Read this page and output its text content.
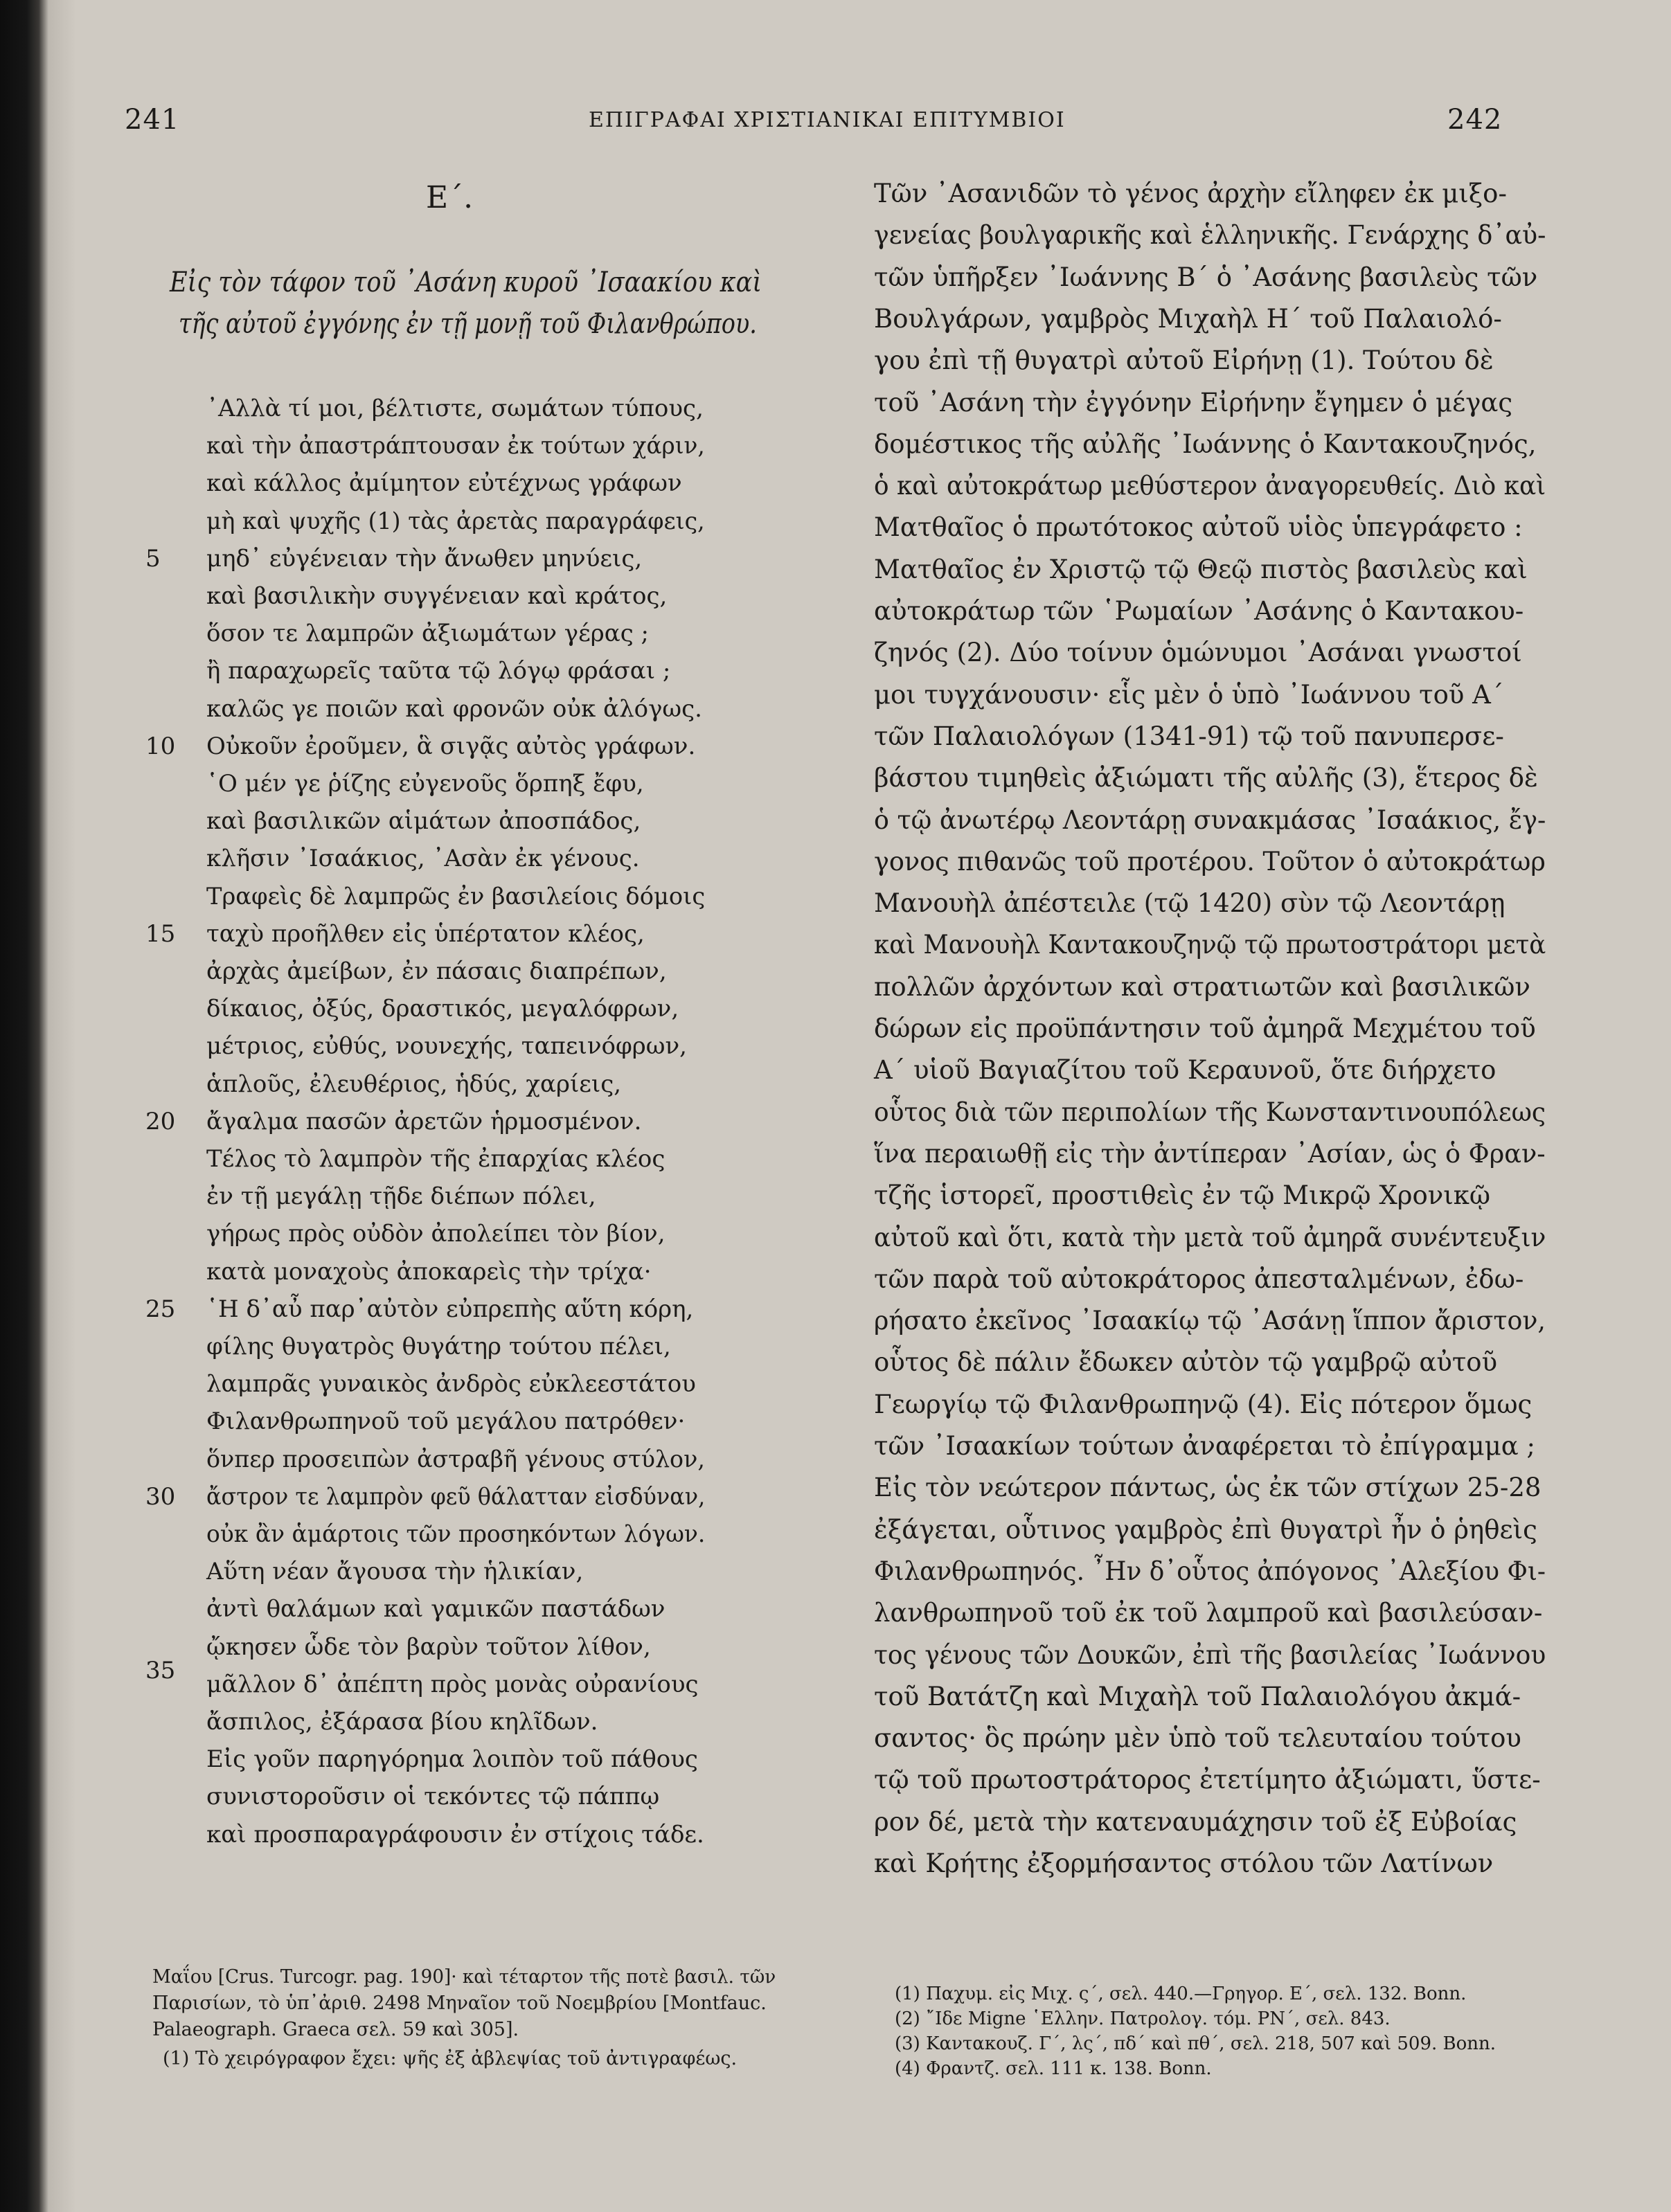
241	ΕΠΙΓΡΑΦΑΙ ΧΡΙΣΤΙΑΝΙΚΑΙ ΕΠΙΤΥΜΒΙΟΙ	242
Ε΄.
Εἰς τὸν τάφον τοῦ ᾿Ασάνη κυροῦ ᾿Ισαακίου καὶ
τῆς αὐτοῦ ἐγγόνης ἐν τῇ μονῇ τοῦ Φιλανθρώπου.
᾿Αλλὰ τί μοι, βέλτιστε, σωμάτων τύπους,
καὶ τὴν ἀπαστράπτουσαν ἐκ τούτων χάριν,
καὶ κάλλος ἀμίμητον εὐτέχνως γράφων
μὴ καὶ ψυχῆς (1) τὰς ἀρετὰς παραγράφεις,
μηδ᾿ εὐγένειαν τὴν ἄνωθεν μηνύεις,
καὶ βασιλικὴν συγγένειαν καὶ κράτος,
ὅσον τε λαμπρῶν ἀξιωμάτων γέρας ;
ἢ παραχωρεῖς ταῦτα τῷ λόγῳ φράσαι ;
καλῶς γε ποιῶν καὶ φρονῶν οὐκ ἀλόγως.
Οὐκοῦν ἐροῦμεν, ἃ σιγᾷς αὐτὸς γράφων.
῾Ο μέν γε ῥίζης εὐγενοῦς ὅρπηξ ἔφυ,
καὶ βασιλικῶν αἱμάτων ἀποσπάδος,
κλῆσιν ᾿Ισαάκιος, ᾿Ασὰν ἐκ γένους.
Τραφεὶς δὲ λαμπρῶς ἐν βασιλείοις δόμοις
ταχὺ προῆλθεν εἰς ὑπέρτατον κλέος,
ἀρχὰς ἀμείβων, ἐν πάσαις διαπρέπων,
δίκαιος, ὀξύς, δραστικός, μεγαλόφρων,
μέτριος, εὐθύς, νουνεχής, ταπεινόφρων,
ἁπλοῦς, ἐλευθέριος, ἡδύς, χαρίεις,
ἄγαλμα πασῶν ἀρετῶν ἡρμοσμένον.
Τέλος τὸ λαμπρὸν τῆς ἐπαρχίας κλέος
ἐν τῇ μεγάλῃ τῇδε διέπων πόλει,
γήρως πρὸς οὐδὸν ἀπολείπει τὸν βίον,
κατὰ μοναχοὺς ἀποκαρεὶς τὴν τρίχα·
῾Η δ᾿αὖ παρ᾿αὐτὸν εὐπρεπὴς αὕτη κόρη,
φίλης θυγατρὸς θυγάτηρ τούτου πέλει,
λαμπρᾶς γυναικὸς ἀνδρὸς εὐκλεεστάτου
Φιλανθρωπηνοῦ τοῦ μεγάλου πατρόθεν·
ὅνπερ προσειπὼν ἀστραβῆ γένους στύλον,
ἄστρον τε λαμπρὸν φεῦ θάλατταν εἰσδύναν,
οὐκ ἂν ἁμάρτοις τῶν προσηκόντων λόγων.
Αὕτη νέαν ἄγουσα τὴν ἡλικίαν,
ἀντὶ θαλάμων καὶ γαμικῶν παστάδων
ᾤκησεν ὧδε τὸν βαρὺν τοῦτον λίθον,
μᾶλλον δ᾿ ἀπέπτη πρὸς μονὰς οὐρανίους
ἄσπιλος, ἐξάρασα βίου κηλῖδων.
Εἰς γοῦν παρηγόρημα λοιπὸν τοῦ πάθους
συνιστοροῦσιν οἱ τεκόντες τῷ πάππῳ
καὶ προσπαραγράφουσιν ἐν στίχοις τάδε.
5
10
15
20
25
30
35
Μαΐου [Crus. Turcogr. pag. 190]· καὶ τέταρτον τῆς ποτὲ βασιλ. τῶν
Παρισίων, τὸ ὑπ᾿ἀριθ. 2498 Μηναῖον τοῦ Νοεμβρίου [Montfauc.
Palaeograph. Graeca σελ. 59 καὶ 305].
(1) Τὸ χειρόγραφον ἔχει: ψῆς ἐξ ἀβλεψίας τοῦ ἀντιγραφέως.
Τῶν ᾿Ασανιδῶν τὸ γένος ἀρχὴν εἴληφεν ἐκ μιξο-
γενείας βουλγαρικῆς καὶ ἑλληνικῆς. Γενάρχης δ᾿αὐ-
τῶν ὑπῆρξεν ᾿Ιωάννης Β΄ ὁ ᾿Ασάνης βασιλεὺς τῶν
Βουλγάρων, γαμβρὸς Μιχαὴλ Η΄ τοῦ Παλαιολό-
γου ἐπὶ τῇ θυγατρὶ αὐτοῦ Εἰρήνῃ (1). Τούτου δὲ
τοῦ ᾿Ασάνη τὴν ἐγγόνην Εἰρήνην ἔγημεν ὁ μέγας
δομέστικος τῆς αὐλῆς ᾿Ιωάννης ὁ Καντακουζηνός,
ὁ καὶ αὐτοκράτωρ μεθύστερον ἀναγορευθείς. Διὸ καὶ
Ματθαῖος ὁ πρωτότοκος αὐτοῦ υἱὸς ὑπεγράφετο :
Ματθαῖος ἐν Χριστῷ τῷ Θεῷ πιστὸς βασιλεὺς καὶ
αὐτοκράτωρ τῶν ῾Ρωμαίων ᾿Ασάνης ὁ Καντακου-
ζηνός (2). Δύο τοίνυν ὁμώνυμοι ᾿Ασάναι γνωστοί
μοι τυγχάνουσιν· εἷς μὲν ὁ ὑπὸ ᾿Ιωάννου τοῦ Α΄
τῶν Παλαιολόγων (1341-91) τῷ τοῦ πανυπερσε-
βάστου τιμηθεὶς ἀξιώματι τῆς αὐλῆς (3), ἕτερος δὲ
ὁ τῷ ἀνωτέρῳ Λεοντάρῃ συνακμάσας ᾿Ισαάκιος, ἔγ-
γονος πιθανῶς τοῦ προτέρου. Τοῦτον ὁ αὐτοκράτωρ
Μανουὴλ ἀπέστειλε (τῷ 1420) σὺν τῷ Λεοντάρῃ
καὶ Μανουὴλ Καντακουζηνῷ τῷ πρωτοστράτορι μετὰ
πολλῶν ἀρχόντων καὶ στρατιωτῶν καὶ βασιλικῶν
δώρων εἰς προϋπάντησιν τοῦ ἀμηρᾶ Μεχμέτου τοῦ
Α΄ υἱοῦ Βαγιαζίτου τοῦ Κεραυνοῦ, ὅτε διήρχετο
οὗτος διὰ τῶν περιπολίων τῆς Κωνσταντινουπόλεως
ἵνα περαιωθῇ εἰς τὴν ἀντίπεραν ᾿Ασίαν, ὡς ὁ Φραν-
τζῆς ἱστορεῖ, προστιθεὶς ἐν τῷ Μικρῷ Χρονικῷ
αὐτοῦ καὶ ὅτι, κατὰ τὴν μετὰ τοῦ ἀμηρᾶ συνέντευξιν
τῶν παρὰ τοῦ αὐτοκράτορος ἀπεσταλμένων, ἐδω-
ρήσατο ἐκεῖνος ᾿Ισαακίῳ τῷ ᾿Ασάνῃ ἵππον ἄριστον,
οὗτος δὲ πάλιν ἔδωκεν αὐτὸν τῷ γαμβρῷ αὐτοῦ
Γεωργίῳ τῷ Φιλανθρωπηνῷ (4). Εἰς πότερον ὅμως
τῶν ᾿Ισαακίων τούτων ἀναφέρεται τὸ ἐπίγραμμα ;
Εἰς τὸν νεώτερον πάντως, ὡς ἐκ τῶν στίχων 25-28
ἐξάγεται, οὗτινος γαμβρὸς ἐπὶ θυγατρὶ ἦν ὁ ῥηθεὶς
Φιλανθρωπηνός. ῏Ην δ᾿οὗτος ἀπόγονος ᾿Αλεξίου Φι-
λανθρωπηνοῦ τοῦ ἐκ τοῦ λαμπροῦ καὶ βασιλεύσαν-
τος γένους τῶν Δουκῶν, ἐπὶ τῆς βασιλείας ᾿Ιωάννου
τοῦ Βατάτζη καὶ Μιχαὴλ τοῦ Παλαιολόγου ἀκμά-
σαντος· ὃς πρώην μὲν ὑπὸ τοῦ τελευταίου τούτου
τῷ τοῦ πρωτοστράτορος ἐτετίμητο ἀξιώματι, ὕστε-
ρον δέ, μετὰ τὴν κατεναυμάχησιν τοῦ ἐξ Εὐβοίας
καὶ Κρήτης ἐξορμήσαντος στόλου τῶν Λατίνων
(1) Παχυμ. εἰς Μιχ. ς΄, σελ. 440.—Γρηγορ. Ε΄, σελ. 132. Bonn.
(2) ῎Ιδε Migne ῾Ελλην. Πατρολογ. τόμ. ΡΝ΄, σελ. 843.
(3) Καντακουζ. Γ΄, λς΄, πδ΄ καὶ πθ΄, σελ. 218, 507 καὶ 509. Bonn.
(4) Φραντζ. σελ. 111 κ. 138. Bonn.
